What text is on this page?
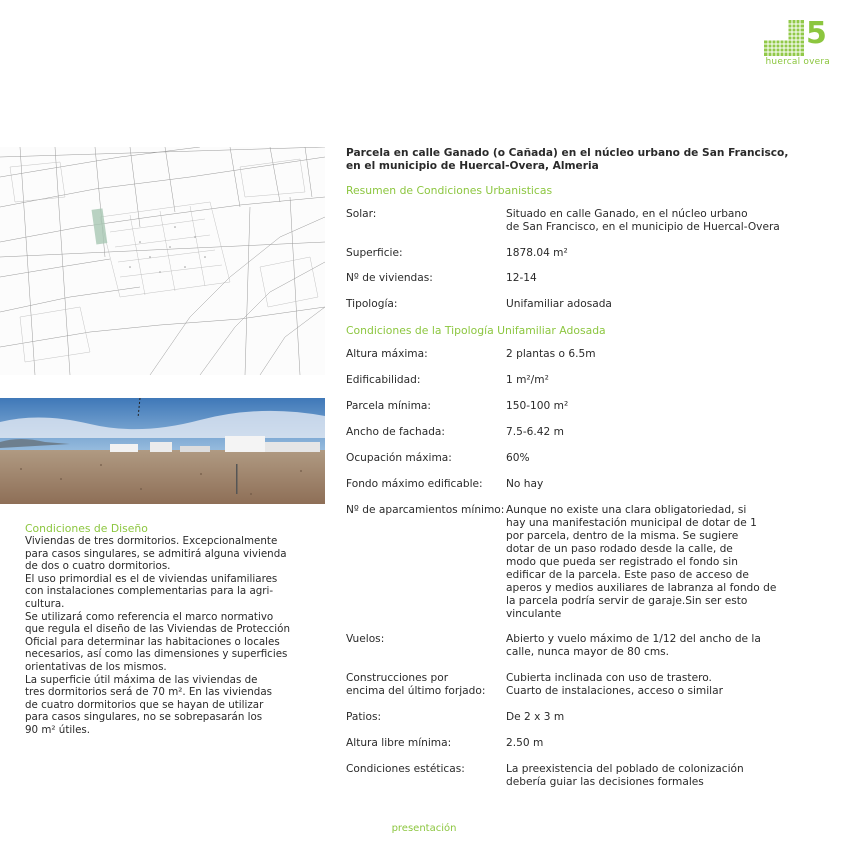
5
huercal overa
Condiciones de Diseño
Viviendas de tres dormitorios. Excepcionalmente
para casos singulares, se admitirá alguna vivienda
de dos o cuatro dormitorios.
El uso primordial es el de viviendas unifamiliares
con instalaciones complementarias para la agri-
cultura.
Se utilizará como referencia el marco normativo
que regula el diseño de las Viviendas de Protección
Oficial para determinar las habitaciones o locales
necesarios, así como las dimensiones y superficies
orientativas de los mismos.
La superficie útil máxima de las viviendas de
tres dormitorios será de 70 m². En las viviendas
de cuatro dormitorios que se hayan de utilizar
para casos singulares, no se sobrepasarán los
90 m² útiles.
Parcela en calle Ganado (o Cañada) en el núcleo urbano de San Francisco,
en el municipio de Huercal-Overa, Almeria
Resumen de Condiciones Urbanisticas
Solar:	Situado en calle Ganado, en el núcleo urbano
de San Francisco, en el municipio de Huercal-Overa
Superficie:	1878.04 m²
Nº de viviendas:	12-14
Tipología:	Unifamiliar adosada
Condiciones de la Tipología Unifamiliar Adosada
Altura máxima:	2 plantas o 6.5m
Edificabilidad:	1 m²/m²
Parcela mínima:	150-100 m²
Ancho de fachada:	7.5-6.42 m
Ocupación máxima:	60%
Fondo máximo edificable:	No hay
Nº de aparcamientos mínimo: Aunque no existe una clara obligatoriedad, si
hay una manifestación municipal de dotar de 1
por parcela, dentro de la misma. Se sugiere
dotar de un paso rodado desde la calle, de
modo que pueda ser registrado el fondo sin
edificar de la parcela. Este paso de acceso de
aperos y medios auxiliares de labranza al fondo de
la parcela podría servir de garaje.Sin ser esto
vinculante
Vuelos:	Abierto y vuelo máximo de 1/12 del ancho de la
calle, nunca mayor de 80 cms.
Construcciones por
encima del último forjado:
Cubierta inclinada con uso de trastero.
Cuarto de instalaciones, acceso o similar
Patios:	De 2 x 3 m
Altura libre mínima:	2.50 m
Condiciones estéticas:	La preexistencia del poblado de colonización
debería guiar las decisiones formales
presentación
